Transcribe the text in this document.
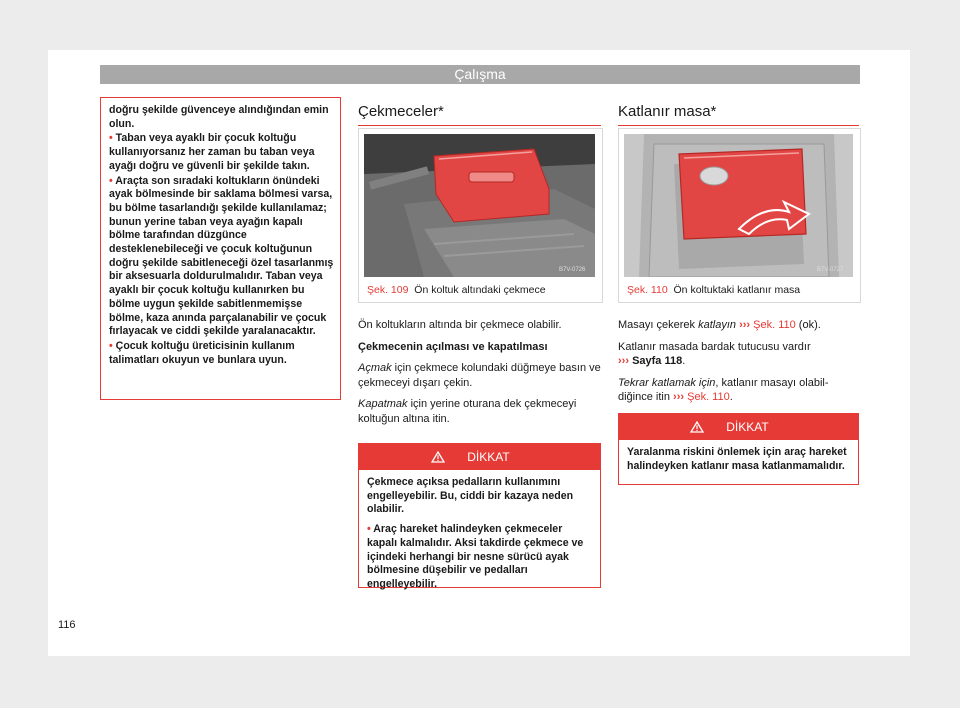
Çalışma

doğru şekilde güvenceye alındığından emin olun.

• Taban veya ayaklı bir çocuk koltuğu kullanıyorsanız her zaman bu taban veya ayağı doğru ve güvenli bir şekilde takın.

• Araçta son sıradaki koltukların önündeki ayak bölmesinde bir saklama bölmesi varsa, bu bölme tasarlandığı şekilde kullanılamaz; bunun yerine taban veya ayağın kapalı bölme tarafından düzgünce desteklenebileceği ve çocuk koltuğunun doğru şekilde sabitleneceği özel tasarlanmış bir aksesuarla doldurulmalıdır. Taban veya ayaklı bir çocuk koltuğu kullanırken bu bölme uygun şekilde sabitlenmemişse bölme, kaza anında parçalanabilir ve çocuk fırlayacak ve ciddi şekilde yaralanacaktır.

• Çocuk koltuğu üreticisinin kullanım talimatları okuyun ve bunlara uyun.

Çekmeceler*
B7V-0726
Şek. 109 Ön koltuk altındaki çekmece

Ön koltukların altında bir çekmece olabilir.

Çekmecenin açılması ve kapatılması

Açmak için çekmece kolundaki düğmeye basın ve çekmeceyi dışarı çekin.

Kapatmak için yerine oturana dek çekmeceyi koltuğun altına itin.

DİKKAT

Çekmece açıksa pedalların kullanımını engelleyebilir. Bu, ciddi bir kazaya neden olabilir.

• Araç hareket halindeyken çekmeceler kapalı kalmalıdır. Aksi takdirde çekmece ve içindeki herhangi bir nesne sürücü ayak bölmesine düşebilir ve pedalları engelleyebilir.

Katlanır masa*
B7V-0727
Şek. 110 Ön koltuktaki katlanır masa

Masayı çekerek katlayın ››› Şek. 110 (ok).

Katlanır masada bardak tutucusu vardır
››› Sayfa 118.

Tekrar katlamak için, katlanır masayı olabildiğince itin ››› Şek. 110.

DİKKAT

Yaralanma riskini önlemek için araç hareket halindeyken katlanır masa katlanmamalıdır.

116
